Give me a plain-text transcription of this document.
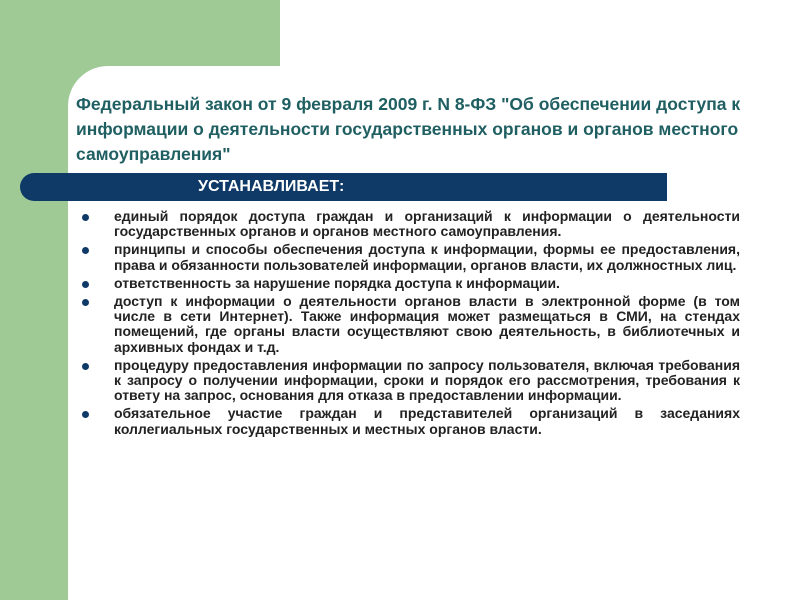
Федеральный закон от 9 февраля 2009 г. N 8-ФЗ "Об обеспечении доступа к информации о деятельности государственных органов и органов местного самоуправления"
УСТАНАВЛИВАЕТ:
единый порядок доступа граждан и организаций к информации о деятельности государственных органов и органов местного самоуправления.
принципы и способы обеспечения доступа к информации, формы ее предоставления, права и обязанности пользователей информации, органов власти, их должностных лиц.
ответственность за нарушение порядка доступа к информации.
доступ к информации о деятельности органов власти в электронной форме (в том числе в сети Интернет). Также информация может размещаться в СМИ, на стендах помещений, где органы власти осуществляют свою деятельность, в библиотечных и архивных фондах и т.д.
процедуру предоставления информации по запросу пользователя, включая требования к запросу о получении информации, сроки и порядок его рассмотрения, требования к ответу на запрос, основания для отказа в предоставлении информации.
обязательное участие граждан и представителей организаций в заседаниях коллегиальных государственных и местных органов власти.
